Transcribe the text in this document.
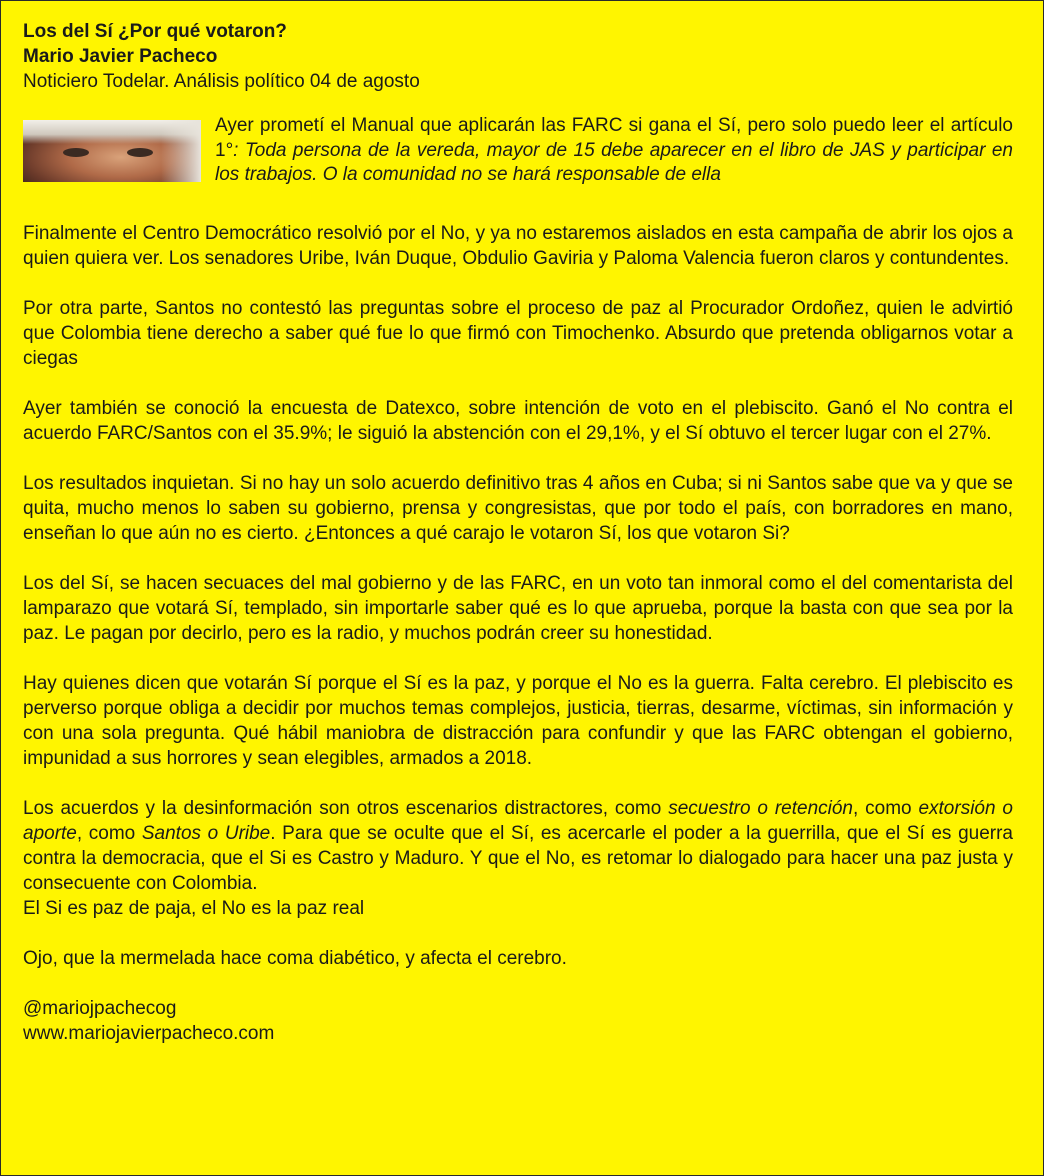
Los del Sí ¿Por qué votaron?
Mario Javier Pacheco
Noticiero Todelar. Análisis político 04 de agosto

Ayer prometí el Manual que aplicarán las FARC si gana el Sí, pero solo puedo leer el artículo 1°: Toda persona de la vereda, mayor de 15 debe aparecer en el libro de JAS y participar en los trabajos. O la comunidad no se hará responsable de ella

Finalmente el Centro Democrático resolvió por el No, y ya no estaremos aislados en esta campaña de abrir los ojos a quien quiera ver. Los senadores Uribe, Iván Duque, Obdulio Gaviria y Paloma Valencia fueron claros y contundentes.

Por otra parte, Santos no contestó las preguntas sobre el proceso de paz al Procurador Ordoñez, quien le advirtió que Colombia tiene derecho a saber qué fue lo que firmó con Timochenko. Absurdo que pretenda obligarnos votar a ciegas

Ayer también se conoció la encuesta de Datexco, sobre intención de voto en el plebiscito. Ganó el No contra el acuerdo FARC/Santos con el 35.9%; le siguió la abstención con el 29,1%, y el Sí obtuvo el tercer lugar con el 27%.

Los resultados inquietan. Si no hay un solo acuerdo definitivo tras 4 años en Cuba; si ni Santos sabe que va y que se quita, mucho menos lo saben su gobierno, prensa y congresistas, que por todo el país, con borradores en mano, enseñan lo que aún no es cierto. ¿Entonces a qué carajo le votaron Sí, los que votaron Si?

Los del Sí, se hacen secuaces del mal gobierno y de las FARC, en un voto tan inmoral como el del comentarista del lamparazo que votará Sí, templado, sin importarle saber qué es lo que aprueba, porque la basta con que sea por la paz. Le pagan por decirlo, pero es la radio, y muchos podrán creer su honestidad.

Hay quienes dicen que votarán Sí porque el Sí es la paz, y porque el No es la guerra. Falta cerebro. El plebiscito es perverso porque obliga a decidir por muchos temas complejos, justicia, tierras, desarme, víctimas, sin información y con una sola pregunta. Qué hábil maniobra de distracción para confundir y que las FARC obtengan el gobierno, impunidad a sus horrores y sean elegibles, armados a 2018.

Los acuerdos y la desinformación son otros escenarios distractores, como secuestro o retención, como extorsión o aporte, como Santos o Uribe. Para que se oculte que el Sí, es acercarle el poder a la guerrilla, que el Sí es guerra contra la democracia, que el Si es Castro y Maduro. Y que el No, es retomar lo dialogado para hacer una paz justa y consecuente con Colombia.

El Si es paz de paja, el No es la paz real

Ojo, que la mermelada hace coma diabético, y afecta el cerebro.

@mariojpachecog
www.mariojavierpacheco.com
